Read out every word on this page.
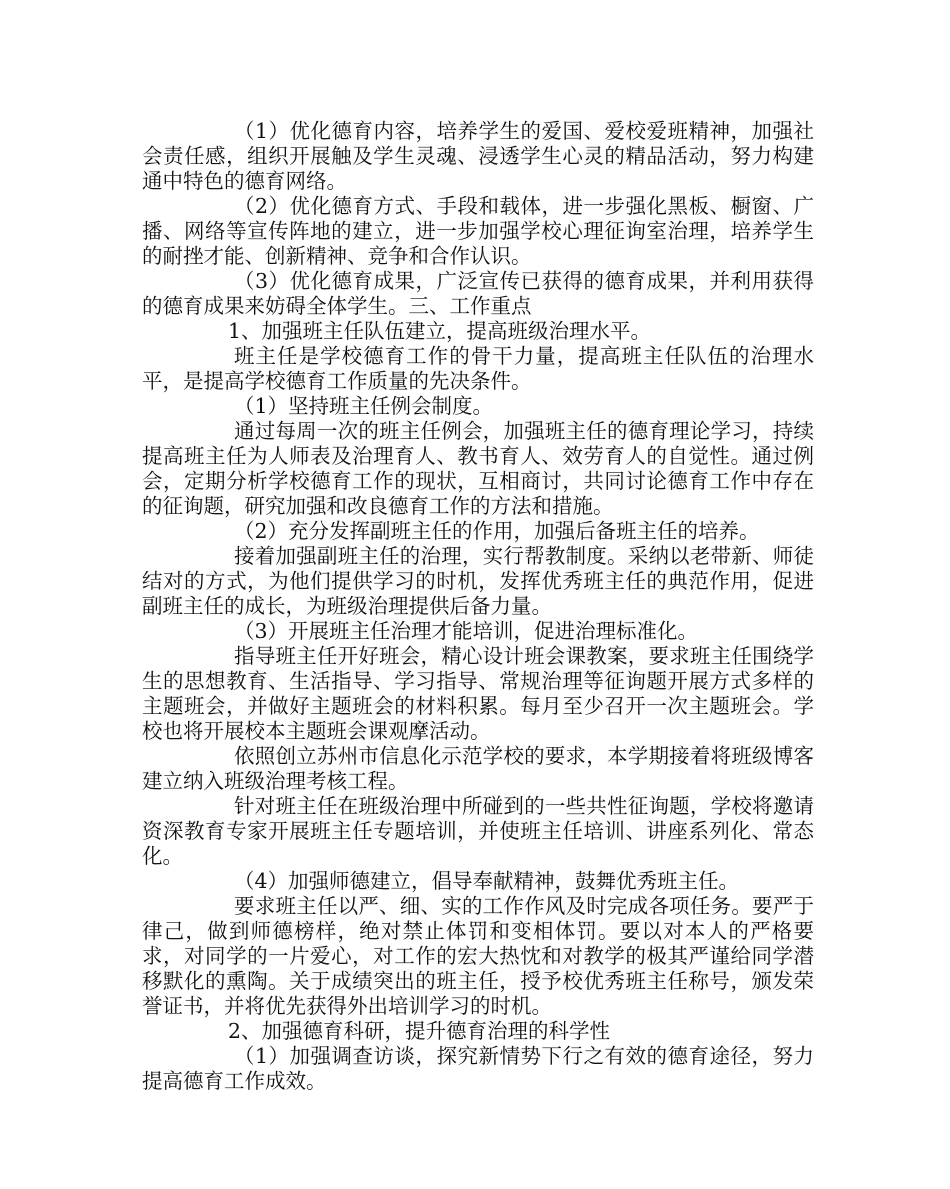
（1）优化德育内容，培养学生的爱国、爱校爱班精神，加强社会责任感，组织开展触及学生灵魂、浸透学生心灵的精品活动，努力构建通中特色的德育网络。

（2）优化德育方式、手段和载体，进一步强化黑板、橱窗、广播、网络等宣传阵地的建立，进一步加强学校心理征询室治理，培养学生的耐挫才能、创新精神、竞争和合作认识。

（3）优化德育成果，广泛宣传已获得的德育成果，并利用获得的德育成果来妨碍全体学生。三、工作重点

1、加强班主任队伍建立，提高班级治理水平。

班主任是学校德育工作的骨干力量，提高班主任队伍的治理水平，是提高学校德育工作质量的先决条件。

（1）坚持班主任例会制度。

通过每周一次的班主任例会，加强班主任的德育理论学习，持续提高班主任为人师表及治理育人、教书育人、效劳育人的自觉性。通过例会，定期分析学校德育工作的现状，互相商讨，共同讨论德育工作中存在的征询题，研究加强和改良德育工作的方法和措施。

（2）充分发挥副班主任的作用，加强后备班主任的培养。

接着加强副班主任的治理，实行帮教制度。采纳以老带新、师徒结对的方式，为他们提供学习的时机，发挥优秀班主任的典范作用，促进副班主任的成长，为班级治理提供后备力量。

（3）开展班主任治理才能培训，促进治理标准化。

指导班主任开好班会，精心设计班会课教案，要求班主任围绕学生的思想教育、生活指导、学习指导、常规治理等征询题开展方式多样的主题班会，并做好主题班会的材料积累。每月至少召开一次主题班会。学校也将开展校本主题班会课观摩活动。

依照创立苏州市信息化示范学校的要求，本学期接着将班级博客建立纳入班级治理考核工程。

针对班主任在班级治理中所碰到的一些共性征询题，学校将邀请资深教育专家开展班主任专题培训，并使班主任培训、讲座系列化、常态化。

（4）加强师德建立，倡导奉献精神，鼓舞优秀班主任。

要求班主任以严、细、实的工作作风及时完成各项任务。要严于律己，做到师德榜样，绝对禁止体罚和变相体罚。要以对本人的严格要求，对同学的一片爱心，对工作的宏大热忱和对教学的极其严谨给同学潜移默化的熏陶。关于成绩突出的班主任，授予校优秀班主任称号，颁发荣誉证书，并将优先获得外出培训学习的时机。

2、加强德育科研，提升德育治理的科学性

（1）加强调查访谈，探究新情势下行之有效的德育途径，努力提高德育工作成效。
